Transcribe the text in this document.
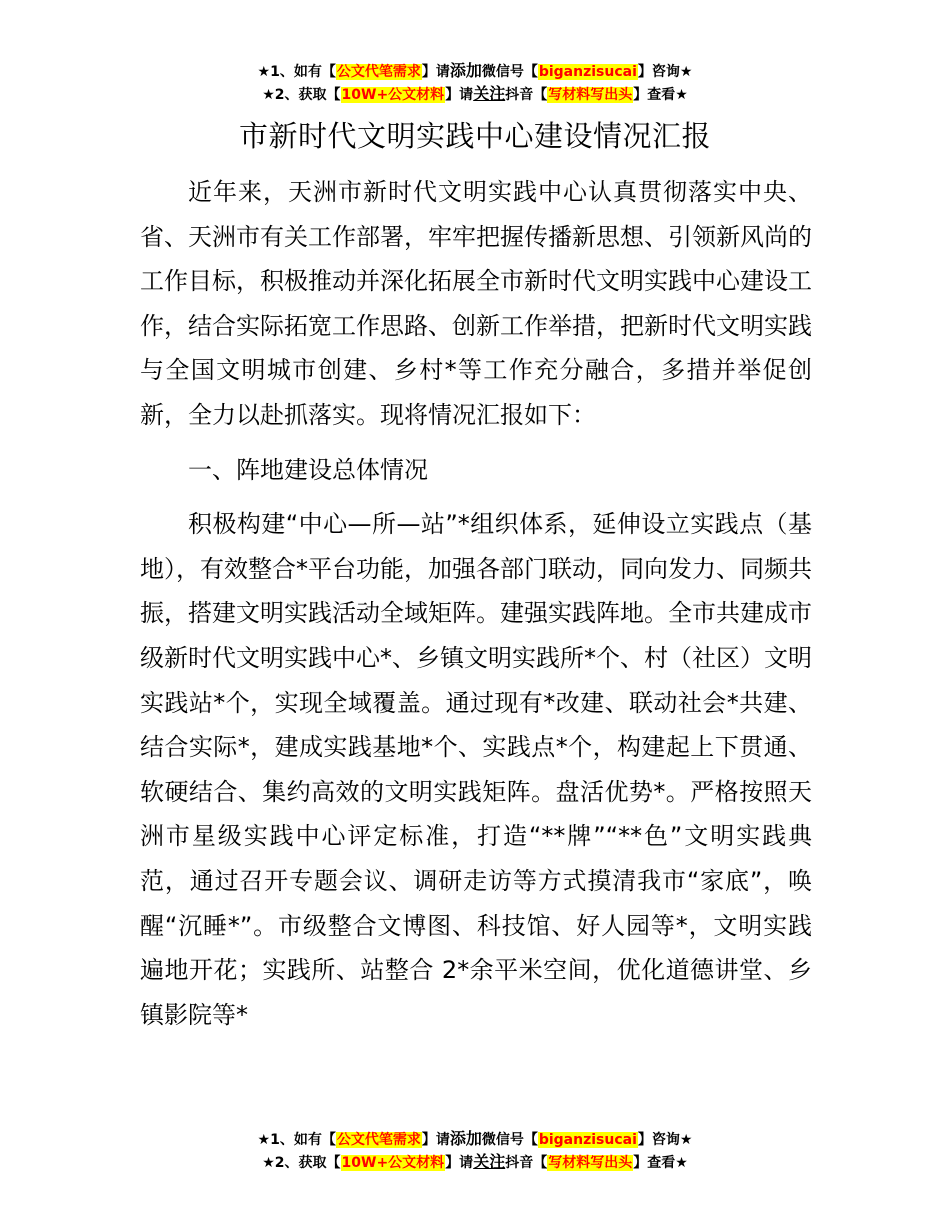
★1、如有【公文代笔需求】请添加微信号【biganzisucai】咨询★
★2、获取【10W+公文材料】请关注抖音【写材料写出头】查看★
市新时代文明实践中心建设情况汇报

近年来，天洲市新时代文明实践中心认真贯彻落实中央、省、天洲市有关工作部署，牢牢把握传播新思想、引领新风尚的工作目标，积极推动并深化拓展全市新时代文明实践中心建设工作，结合实际拓宽工作思路、创新工作举措，把新时代文明实践与全国文明城市创建、乡村*等工作充分融合，多措并举促创新，全力以赴抓落实。现将情况汇报如下：

一、阵地建设总体情况

积极构建“中心—所—站”*组织体系，延伸设立实践点（基地），有效整合*平台功能，加强各部门联动，同向发力、同频共振，搭建文明实践活动全域矩阵。建强实践阵地。全市共建成市级新时代文明实践中心*、乡镇文明实践所*个、村（社区）文明实践站*个，实现全域覆盖。通过现有*改建、联动社会*共建、结合实际*，建成实践基地*个、实践点*个，构建起上下贯通、软硬结合、集约高效的文明实践矩阵。盘活优势*。严格按照天洲市星级实践中心评定标准，打造“**牌”“**色”文明实践典范，通过召开专题会议、调研走访等方式摸清我市“家底”，唤醒“沉睡*”。市级整合文博图、科技馆、好人园等*，文明实践遍地开花；实践所、站整合 2*余平米空间，优化道德讲堂、乡镇影院等*

★1、如有【公文代笔需求】请添加微信号【biganzisucai】咨询★
★2、获取【10W+公文材料】请关注抖音【写材料写出头】查看★
